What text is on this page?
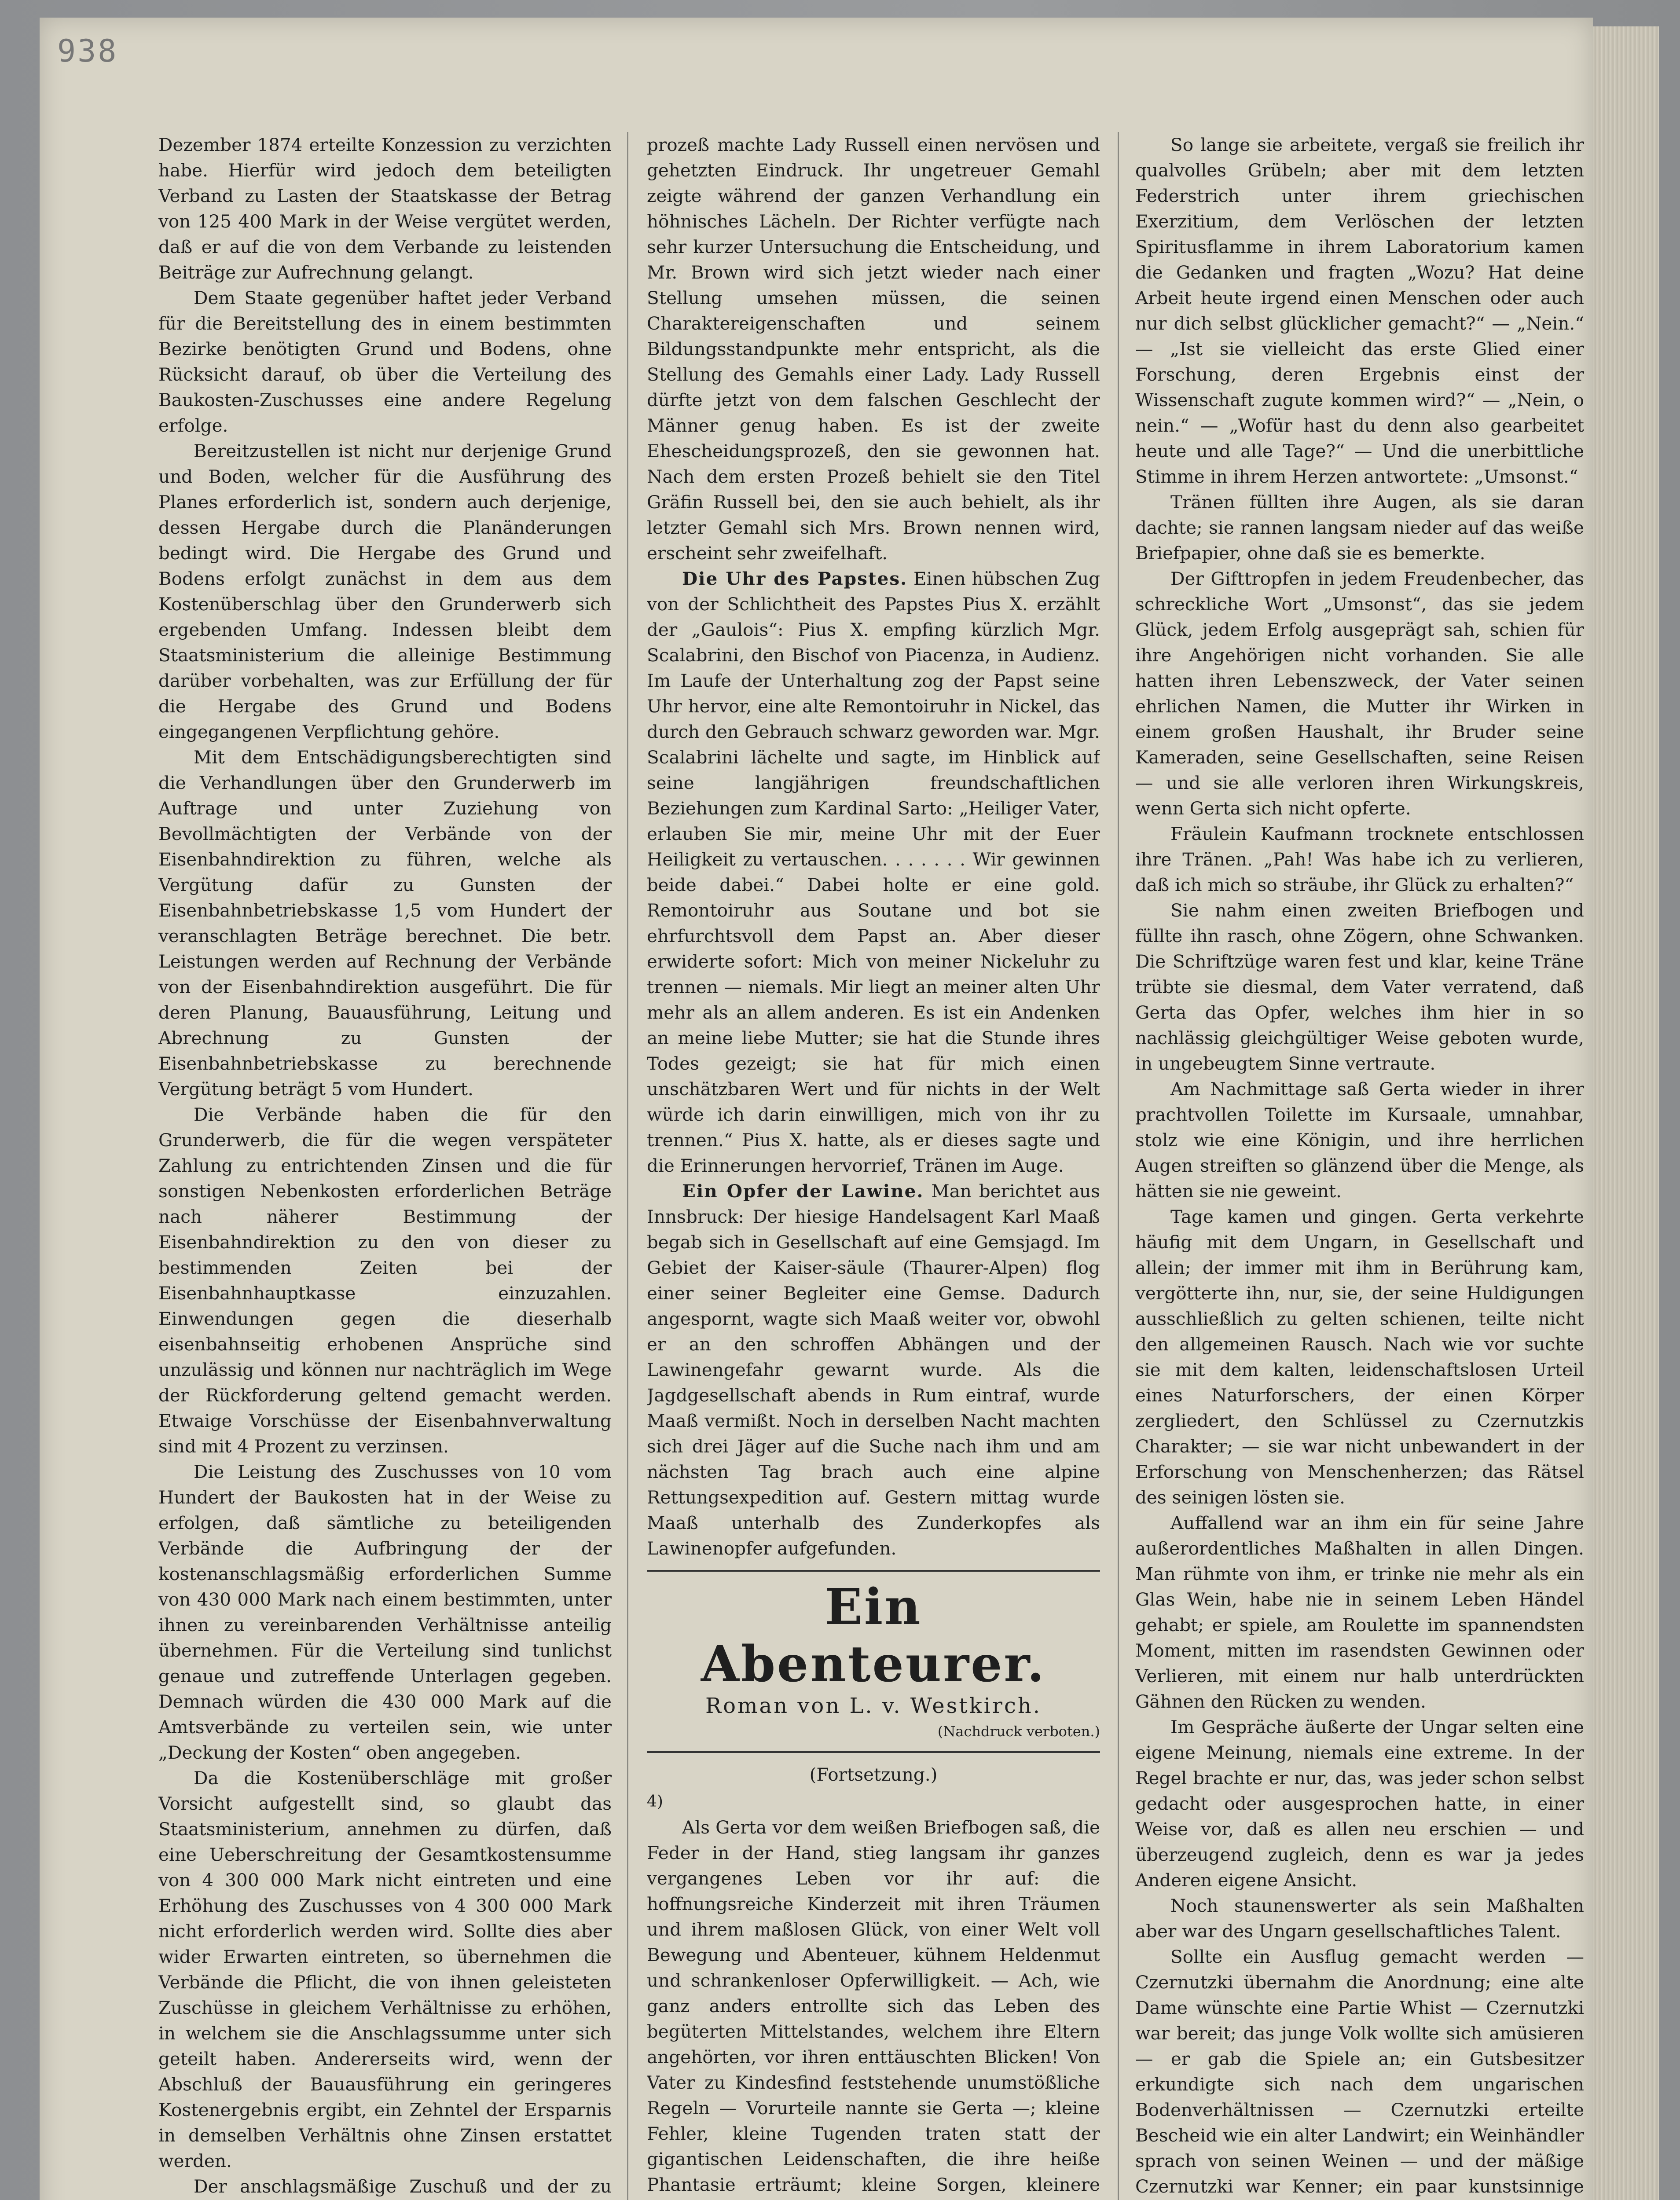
938

Dezember 1874 erteilte Konzession zu verzichten habe. Hierfür wird jedoch dem beteiligten Verband zu Lasten der Staatskasse der Betrag von 125 400 Mark in der Weise vergütet werden, daß er auf die von dem Verbande zu leistenden Beiträge zur Aufrechnung gelangt.

Dem Staate gegenüber haftet jeder Verband für die Bereitstellung des in einem bestimmten Bezirke benötigten Grund und Bodens, ohne Rücksicht darauf, ob über die Verteilung des Baukosten-Zuschusses eine andere Regelung erfolge.

Bereitzustellen ist nicht nur derjenige Grund und Boden, welcher für die Ausführung des Planes erforderlich ist, sondern auch derjenige, dessen Hergabe durch die Planänderungen bedingt wird. Die Hergabe des Grund und Bodens erfolgt zunächst in dem aus dem Kostenüberschlag über den Grunderwerb sich ergebenden Umfang. Indessen bleibt dem Staatsministerium die alleinige Bestimmung darüber vorbehalten, was zur Erfüllung der für die Hergabe des Grund und Bodens eingegangenen Verpflichtung gehöre.

Mit dem Entschädigungsberechtigten sind die Verhandlungen über den Grunderwerb im Auftrage und unter Zuziehung von Bevollmächtigten der Verbände von der Eisenbahndirektion zu führen, welche als Vergütung dafür zu Gunsten der Eisenbahnbetriebskasse 1,5 vom Hundert der veranschlagten Beträge berechnet. Die betr. Leistungen werden auf Rechnung der Verbände von der Eisenbahndirektion ausgeführt. Die für deren Planung, Bauausführung, Leitung und Abrechnung zu Gunsten der Eisenbahnbetriebskasse zu berechnende Vergütung beträgt 5 vom Hundert.

Die Verbände haben die für den Grunderwerb, die für die wegen verspäteter Zahlung zu entrichtenden Zinsen und die für sonstigen Nebenkosten erforderlichen Beträge nach näherer Bestimmung der Eisenbahndirektion zu den von dieser zu bestimmenden Zeiten bei der Eisenbahnhauptkasse einzuzahlen. Einwendungen gegen die dieserhalb eisenbahnseitig erhobenen Ansprüche sind unzulässig und können nur nachträglich im Wege der Rückforderung geltend gemacht werden. Etwaige Vorschüsse der Eisenbahnverwaltung sind mit 4 Prozent zu verzinsen.

Die Leistung des Zuschusses von 10 vom Hundert der Baukosten hat in der Weise zu erfolgen, daß sämtliche zu beteiligenden Verbände die Aufbringung der der kostenanschlagsmäßig erforderlichen Summe von 430 000 Mark nach einem bestimmten, unter ihnen zu vereinbarenden Verhältnisse anteilig übernehmen. Für die Verteilung sind tunlichst genaue und zutreffende Unterlagen gegeben. Demnach würden die 430 000 Mark auf die Amtsverbände zu verteilen sein, wie unter „Deckung der Kosten“ oben angegeben.

Da die Kostenüberschläge mit großer Vorsicht aufgestellt sind, so glaubt das Staatsministerium, annehmen zu dürfen, daß eine Ueberschreitung der Gesamtkostensumme von 4 300 000 Mark nicht eintreten und eine Erhöhung des Zuschusses von 4 300 000 Mark nicht erforderlich werden wird. Sollte dies aber wider Erwarten eintreten, so übernehmen die Verbände die Pflicht, die von ihnen geleisteten Zuschüsse in gleichem Verhältnisse zu erhöhen, in welchem sie die Anschlagssumme unter sich geteilt haben. Andererseits wird, wenn der Abschluß der Bauausführung ein geringeres Kostenergebnis ergibt, ein Zehntel der Ersparnis in demselben Verhältnis ohne Zinsen erstattet werden.

Der anschlagsmäßige Zuschuß und der zu

prozeß machte Lady Russell einen nervösen und gehetzten Eindruck. Ihr ungetreuer Gemahl zeigte während der ganzen Verhandlung ein höhnisches Lächeln. Der Richter verfügte nach sehr kurzer Untersuchung die Entscheidung, und Mr. Brown wird sich jetzt wieder nach einer Stellung umsehen müssen, die seinen Charaktereigenschaften und seinem Bildungsstandpunkte mehr entspricht, als die Stellung des Gemahls einer Lady. Lady Russell dürfte jetzt von dem falschen Geschlecht der Männer genug haben. Es ist der zweite Ehescheidungsprozeß, den sie gewonnen hat. Nach dem ersten Prozeß behielt sie den Titel Gräfin Russell bei, den sie auch behielt, als ihr letzter Gemahl sich Mrs. Brown nennen wird, erscheint sehr zweifelhaft.

Die Uhr des Papstes. Einen hübschen Zug von der Schlichtheit des Papstes Pius X. erzählt der „Gaulois“: Pius X. empfing kürzlich Mgr. Scalabrini, den Bischof von Piacenza, in Audienz. Im Laufe der Unterhaltung zog der Papst seine Uhr hervor, eine alte Remontoiruhr in Nickel, das durch den Gebrauch schwarz geworden war. Mgr. Scalabrini lächelte und sagte, im Hinblick auf seine langjährigen freundschaftlichen Beziehungen zum Kardinal Sarto: „Heiliger Vater, erlauben Sie mir, meine Uhr mit der Euer Heiligkeit zu vertauschen. . . . . . . Wir gewinnen beide dabei.“ Dabei holte er eine gold. Remontoiruhr aus Soutane und bot sie ehrfurchtsvoll dem Papst an. Aber dieser erwiderte sofort: Mich von meiner Nickeluhr zu trennen — niemals. Mir liegt an meiner alten Uhr mehr als an allem anderen. Es ist ein Andenken an meine liebe Mutter; sie hat die Stunde ihres Todes gezeigt; sie hat für mich einen unschätzbaren Wert und für nichts in der Welt würde ich darin einwilligen, mich von ihr zu trennen.“ Pius X. hatte, als er dieses sagte und die Erinnerungen hervorrief, Tränen im Auge.

Ein Opfer der Lawine. Man berichtet aus Innsbruck: Der hiesige Handelsagent Karl Maaß begab sich in Gesellschaft auf eine Gemsjagd. Im Gebiet der Kaiser-säule (Thaurer-Alpen) flog einer seiner Begleiter eine Gemse. Dadurch angespornt, wagte sich Maaß weiter vor, obwohl er an den schroffen Abhängen und der Lawinengefahr gewarnt wurde. Als die Jagdgesellschaft abends in Rum eintraf, wurde Maaß vermißt. Noch in derselben Nacht machten sich drei Jäger auf die Suche nach ihm und am nächsten Tag brach auch eine alpine Rettungsexpedition auf. Gestern mittag wurde Maaß unterhalb des Zunderkopfes als Lawinenopfer aufgefunden.

Ein Abenteurer.
Roman von L. v. Westkirch.
(Nachdruck verboten.)
(Fortsetzung.)
4)

Als Gerta vor dem weißen Briefbogen saß, die Feder in der Hand, stieg langsam ihr ganzes vergangenes Leben vor ihr auf: die hoffnungsreiche Kinderzeit mit ihren Träumen und ihrem maßlosen Glück, von einer Welt voll Bewegung und Abenteuer, kühnem Heldenmut und schrankenloser Opferwilligkeit. — Ach, wie ganz anders entrollte sich das Leben des begüterten Mittelstandes, welchem ihre Eltern angehörten, vor ihren enttäuschten Blicken! Von Vater zu Kindesfind feststehende unumstößliche Regeln — Vorurteile nannte sie Gerta —; kleine Fehler, kleine Tugenden traten statt der gigantischen Leidenschaften, die ihre heiße Phantasie erträumt; kleine Sorgen, kleinere

So lange sie arbeitete, vergaß sie freilich ihr qualvolles Grübeln; aber mit dem letzten Federstrich unter ihrem griechischen Exerzitium, dem Verlöschen der letzten Spiritusflamme in ihrem Laboratorium kamen die Gedanken und fragten „Wozu? Hat deine Arbeit heute irgend einen Menschen oder auch nur dich selbst glücklicher gemacht?“ — „Nein.“ — „Ist sie vielleicht das erste Glied einer Forschung, deren Ergebnis einst der Wissenschaft zugute kommen wird?“ — „Nein, o nein.“ — „Wofür hast du denn also gearbeitet heute und alle Tage?“ — Und die unerbittliche Stimme in ihrem Herzen antwortete: „Umsonst.“

Tränen füllten ihre Augen, als sie daran dachte; sie rannen langsam nieder auf das weiße Briefpapier, ohne daß sie es bemerkte.

Der Gifttropfen in jedem Freudenbecher, das schreckliche Wort „Umsonst“, das sie jedem Glück, jedem Erfolg ausgeprägt sah, schien für ihre Angehörigen nicht vorhanden. Sie alle hatten ihren Lebenszweck, der Vater seinen ehrlichen Namen, die Mutter ihr Wirken in einem großen Haushalt, ihr Bruder seine Kameraden, seine Gesellschaften, seine Reisen — und sie alle verloren ihren Wirkungskreis, wenn Gerta sich nicht opferte.

Fräulein Kaufmann trocknete entschlossen ihre Tränen. „Pah! Was habe ich zu verlieren, daß ich mich so sträube, ihr Glück zu erhalten?“

Sie nahm einen zweiten Briefbogen und füllte ihn rasch, ohne Zögern, ohne Schwanken. Die Schriftzüge waren fest und klar, keine Träne trübte sie diesmal, dem Vater verratend, daß Gerta das Opfer, welches ihm hier in so nachlässig gleichgültiger Weise geboten wurde, in ungebeugtem Sinne vertraute.

Am Nachmittage saß Gerta wieder in ihrer prachtvollen Toilette im Kursaale, umnahbar, stolz wie eine Königin, und ihre herrlichen Augen streiften so glänzend über die Menge, als hätten sie nie geweint.

Tage kamen und gingen. Gerta verkehrte häufig mit dem Ungarn, in Gesellschaft und allein; der immer mit ihm in Berührung kam, vergötterte ihn, nur, sie, der seine Huldigungen ausschließlich zu gelten schienen, teilte nicht den allgemeinen Rausch. Nach wie vor suchte sie mit dem kalten, leidenschaftslosen Urteil eines Naturforschers, der einen Körper zergliedert, den Schlüssel zu Czernutzkis Charakter; — sie war nicht unbewandert in der Erforschung von Menschenherzen; das Rätsel des seinigen lösten sie.

Auffallend war an ihm ein für seine Jahre außerordentliches Maßhalten in allen Dingen. Man rühmte von ihm, er trinke nie mehr als ein Glas Wein, habe nie in seinem Leben Händel gehabt; er spiele, am Roulette im spannendsten Moment, mitten im rasendsten Gewinnen oder Verlieren, mit einem nur halb unterdrückten Gähnen den Rücken zu wenden.

Im Gespräche äußerte der Ungar selten eine eigene Meinung, niemals eine extreme. In der Regel brachte er nur, das, was jeder schon selbst gedacht oder ausgesprochen hatte, in einer Weise vor, daß es allen neu erschien — und überzeugend zugleich, denn es war ja jedes Anderen eigene Ansicht.

Noch staunenswerter als sein Maßhalten aber war des Ungarn gesellschaftliches Talent.

Sollte ein Ausflug gemacht werden — Czernutzki übernahm die Anordnung; eine alte Dame wünschte eine Partie Whist — Czernutzki war bereit; das junge Volk wollte sich amüsieren — er gab die Spiele an; ein Gutsbesitzer erkundigte sich nach dem ungarischen Bodenverhältnissen — Czernutzki erteilte Bescheid wie ein alter Landwirt; ein Weinhändler sprach von seinen Weinen — und der mäßige Czernutzki war Kenner; ein paar kunstsinnige
